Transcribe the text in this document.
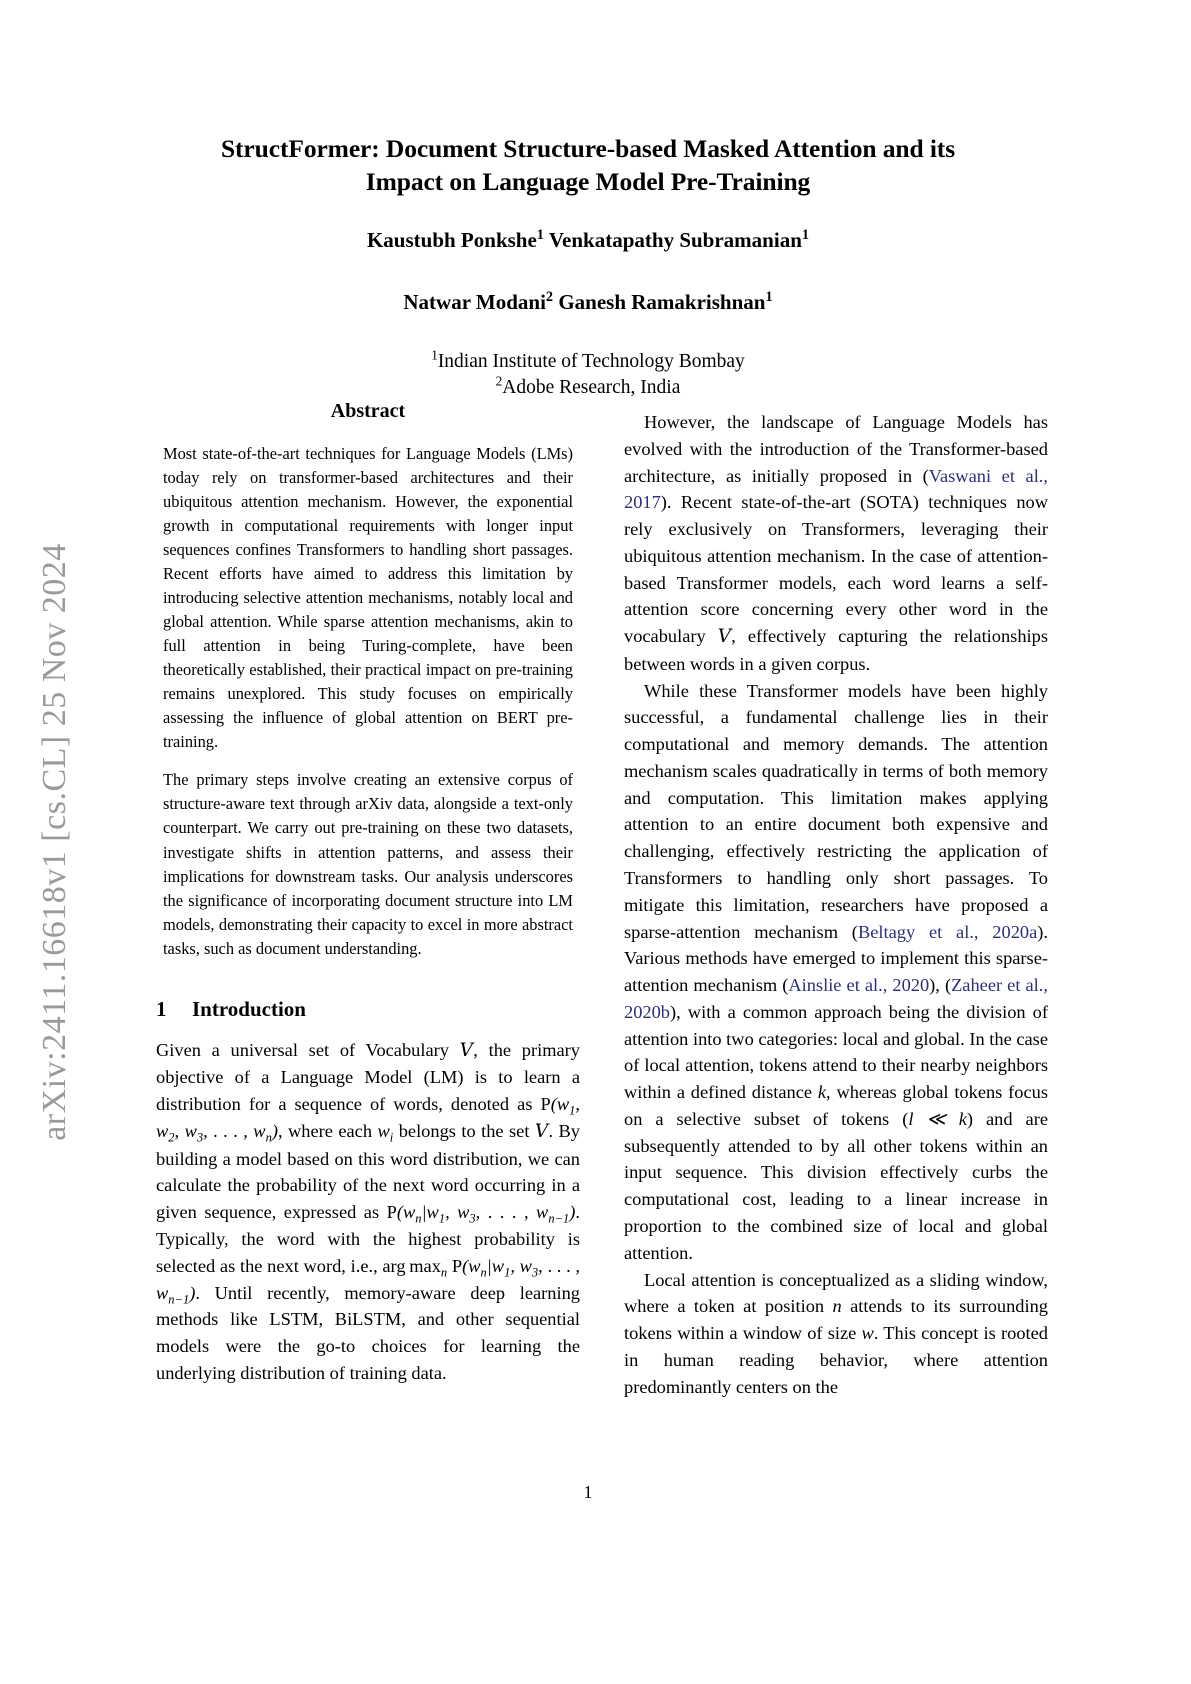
arXiv:2411.16618v1 [cs.CL] 25 Nov 2024
StructFormer: Document Structure-based Masked Attention and its Impact on Language Model Pre-Training
Kaustubh Ponkshe$^1$ Venkatapathy Subramanian$^1$
Natwar Modani$^2$ Ganesh Ramakrishnan$^1$
$^1$Indian Institute of Technology Bombay
$^2$Adobe Research, India
Abstract

Most state-of-the-art techniques for Language Models (LMs) today rely on transformer-based architectures and their ubiquitous attention mechanism. However, the exponential growth in computational requirements with longer input sequences confines Transformers to handling short passages. Recent efforts have aimed to address this limitation by introducing selective attention mechanisms, notably local and global attention. While sparse attention mechanisms, akin to full attention in being Turing-complete, have been theoretically established, their practical impact on pre-training remains unexplored. This study focuses on empirically assessing the influence of global attention on BERT pre-training.

The primary steps involve creating an extensive corpus of structure-aware text through arXiv data, alongside a text-only counterpart. We carry out pre-training on these two datasets, investigate shifts in attention patterns, and assess their implications for downstream tasks. Our analysis underscores the significance of incorporating document structure into LM models, demonstrating their capacity to excel in more abstract tasks, such as document understanding.

1 Introduction

Given a universal set of Vocabulary V, the primary objective of a Language Model (LM) is to learn a distribution for a sequence of words, denoted as $P(w_1$, $w_2$, $w_3$, . . . , $w_n$), where each $w_i$ belongs to the set V. By building a model based on this word distribution, we can calculate the probability of the next word occurring in a given sequence, expressed as $P(w_n|w_1$, $w_3$, . . . , $w_{n-1}$). Typically, the word with the highest probability is selected as the next word, i.e., arg $\max_n P(w_n|w_1$, $w_3$, . . . , $w_{n-1}$). Until recently, memory-aware deep learning methods like LSTM, BiLSTM, and other sequential models were the go-to choices for learning the underlying distribution of training data.

However, the landscape of Language Models has evolved with the introduction of the Transformer-based architecture, as initially proposed in (Vaswani et al., 2017). Recent state-of-the-art (SOTA) techniques now rely exclusively on Transformers, leveraging their ubiquitous attention mechanism. In the case of attention-based Transformer models, each word learns a self-attention score concerning every other word in the vocabulary V, effectively capturing the relationships between words in a given corpus.

While these Transformer models have been highly successful, a fundamental challenge lies in their computational and memory demands. The attention mechanism scales quadratically in terms of both memory and computation. This limitation makes applying attention to an entire document both expensive and challenging, effectively restricting the application of Transformers to handling only short passages. To mitigate this limitation, researchers have proposed a sparse-attention mechanism (Beltagy et al., 2020a). Various methods have emerged to implement this sparse-attention mechanism (Ainslie et al., 2020), (Zaheer et al., 2020b), with a common approach being the division of attention into two categories: local and global. In the case of local attention, tokens attend to their nearby neighbors within a defined distance k, whereas global tokens focus on a selective subset of tokens (l ≪ k) and are subsequently attended to by all other tokens within an input sequence. This division effectively curbs the computational cost, leading to a linear increase in proportion to the combined size of local and global attention.

Local attention is conceptualized as a sliding window, where a token at position n attends to its surrounding tokens within a window of size w. This concept is rooted in human reading behavior, where attention predominantly centers on the

1
